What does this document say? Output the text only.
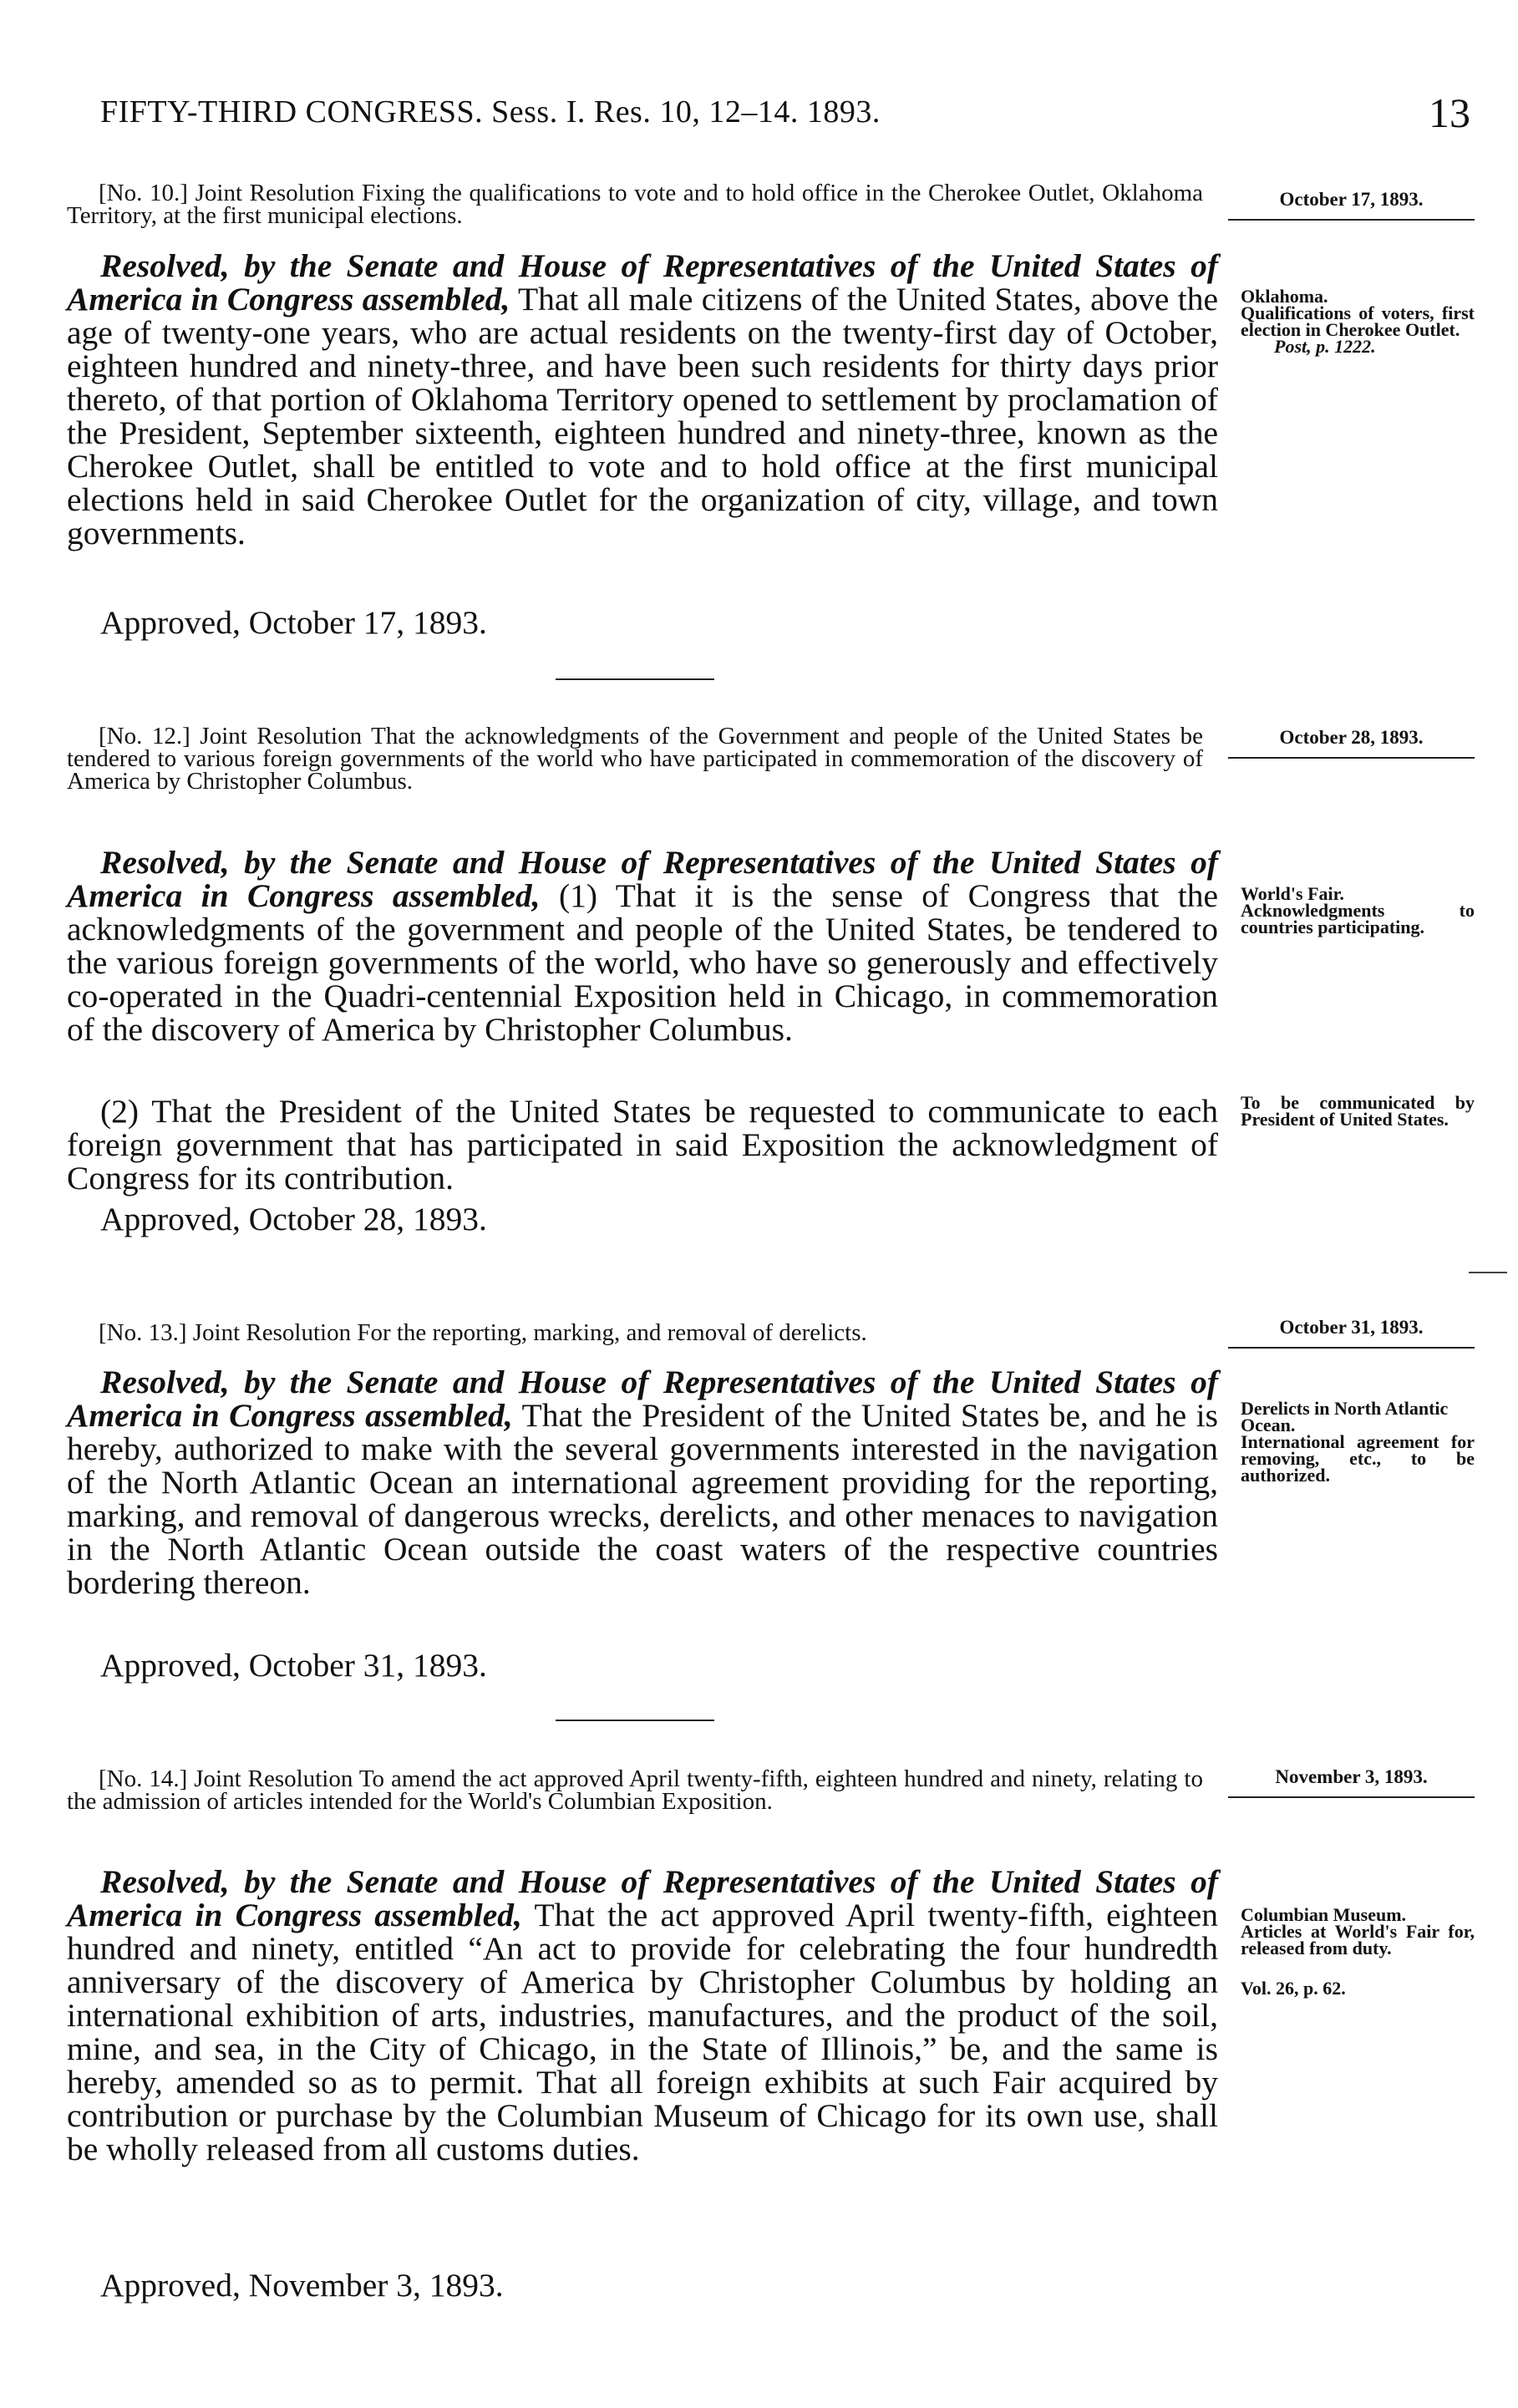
FIFTY-THIRD CONGRESS. Sess. I. Res. 10, 12–14. 1893.	13
[No. 10.] Joint Resolution Fixing the qualifications to vote and to hold office in the Cherokee Outlet, Oklahoma Territory, at the first municipal elections.
October 17, 1893.
Resolved, by the Senate and House of Representatives of the United States of America in Congress assembled, That all male citizens of the United States, above the age of twenty-one years, who are actual residents on the twenty-first day of October, eighteen hundred and ninety-three, and have been such residents for thirty days prior thereto, of that portion of Oklahoma Territory opened to settlement by proclamation of the President, September sixteenth, eighteen hundred and ninety-three, known as the Cherokee Outlet, shall be entitled to vote and to hold office at the first municipal elections held in said Cherokee Outlet for the organization of city, village, and town governments.
Approved, October 17, 1893.
Oklahoma.
Qualifications of voters, first election in Cherokee Outlet.
Post, p. 1222.
[No. 12.] Joint Resolution That the acknowledgments of the Government and people of the United States be tendered to various foreign governments of the world who have participated in commemoration of the discovery of America by Christopher Columbus.
October 28, 1893.
Resolved, by the Senate and House of Representatives of the United States of America in Congress assembled, (1) That it is the sense of Congress that the acknowledgments of the government and people of the United States, be tendered to the various foreign governments of the world, who have so generously and effectively co-operated in the Quadri-centennial Exposition held in Chicago, in commemoration of the discovery of America by Christopher Columbus.
(2) That the President of the United States be requested to communicate to each foreign government that has participated in said Exposition the acknowledgment of Congress for its contribution.
Approved, October 28, 1893.
World's Fair.
Acknowledgments to countries participating.
To be communicated by President of United States.
[No. 13.] Joint Resolution For the reporting, marking, and removal of derelicts.	October 31, 1893.
Resolved, by the Senate and House of Representatives of the United States of America in Congress assembled, That the President of the United States be, and he is hereby, authorized to make with the several governments interested in the navigation of the North Atlantic Ocean an international agreement providing for the reporting, marking, and removal of dangerous wrecks, derelicts, and other menaces to navigation in the North Atlantic Ocean outside the coast waters of the respective countries bordering thereon.
Approved, October 31, 1893.
Derelicts in North Atlantic Ocean.
International agreement for removing, etc., to be authorized.
[No. 14.] Joint Resolution To amend the act approved April twenty-fifth, eighteen hundred and ninety, relating to the admission of articles intended for the World's Columbian Exposition.
November 3, 1893.
Resolved, by the Senate and House of Representatives of the United States of America in Congress assembled, That the act approved April twenty-fifth, eighteen hundred and ninety, entitled “An act to provide for celebrating the four hundredth anniversary of the discovery of America by Christopher Columbus by holding an international exhibition of arts, industries, manufactures, and the product of the soil, mine, and sea, in the City of Chicago, in the State of Illinois,” be, and the same is hereby, amended so as to permit. That all foreign exhibits at such Fair acquired by contribution or purchase by the Columbian Museum of Chicago for its own use, shall be wholly released from all customs duties.
Approved, November 3, 1893.
Columbian Museum.
Articles at World's Fair for, released from duty.
Vol. 26, p. 62.
